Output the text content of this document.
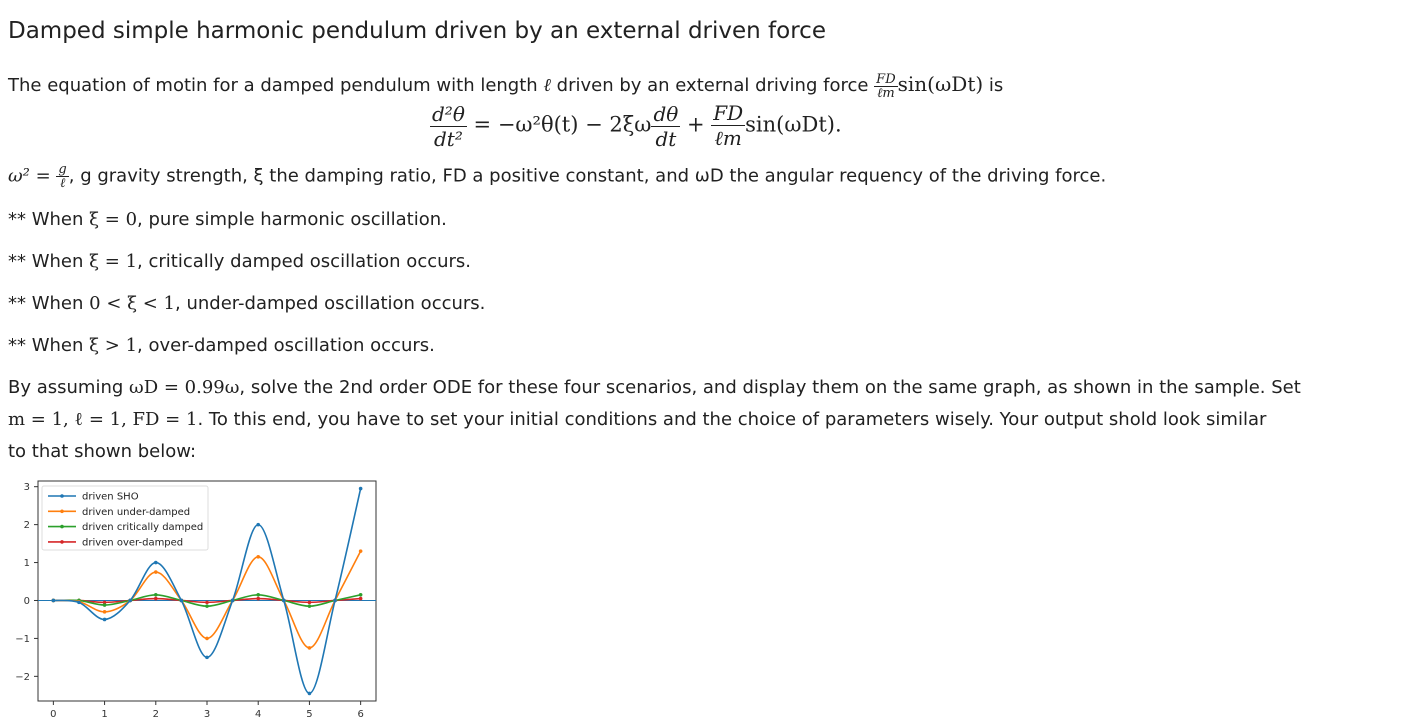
Damped simple harmonic pendulum driven by an external driven force
The equation of motin for a damped pendulum with length ℓ driven by an external driving force $\frac{FD}{\text{ℓm}} \sin(\omega Dt)$ is
$\frac{\text{d²θ}}{\text{dt²}} = -\omega^2\theta(t) - 2\xi\omega \frac{d\theta}{dt} + \frac{FD}{\text{ℓm}} \sin(\omega Dt)$.
$\omega^2 = \frac{g}{\text{ℓ}}$ , g gravity strength, ξ the damping ratio, FD a positive constant, and ωD the angular requency of the driving force.
** When ξ = 0, pure simple harmonic oscillation.
** When ξ = 1, critically damped oscillation occurs.
** When 0 < ξ < 1, under-damped oscillation occurs.
** When ξ > 1, over-damped oscillation occurs.
By assuming ωD = 0.99ω, solve the 2nd order ODE for these four scenarios, and display them on the same graph, as shown in the sample. Set
m = 1, ℓ = 1, FD = 1. To this end, you have to set your initial conditions and the choice of parameters wisely. Your output shold look similar
to that shown below:
0	1	2	3	4	5	6
−2
−1
0
1
2
3
driven SHO
driven under-damped
driven critically damped
driven over-damped
